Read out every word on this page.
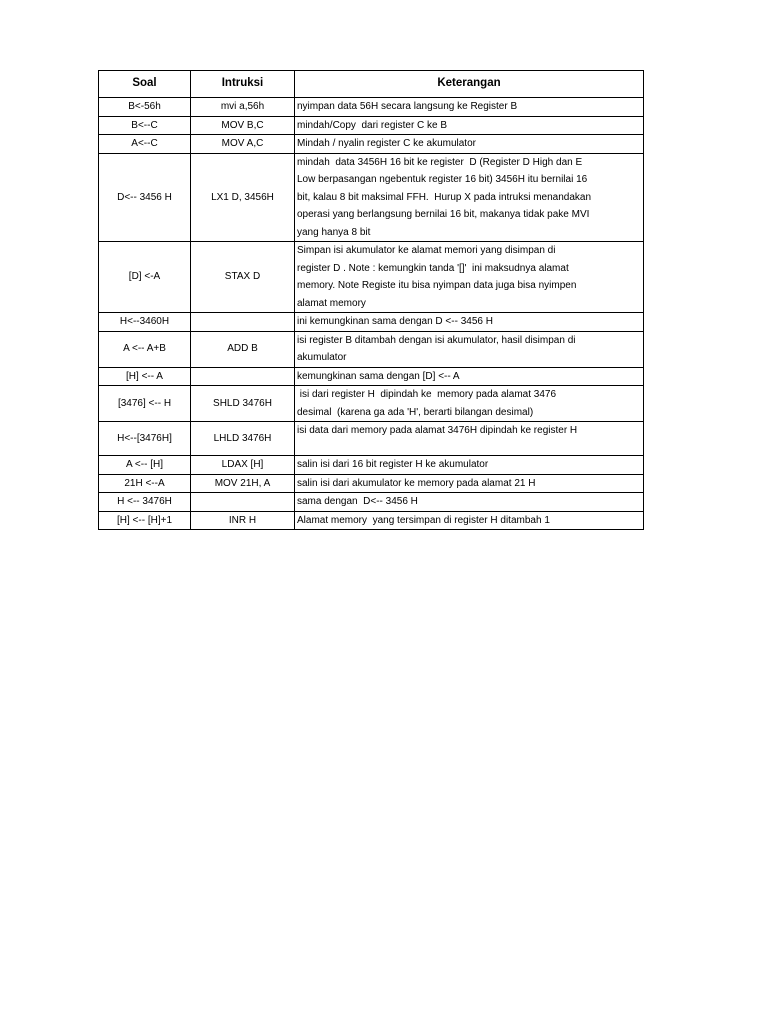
Soal	Intruksi	Keterangan
B<-56h	mvi a,56h	nyimpan data 56H secara langsung ke Register B

B<--C	MOV B,C	mindah/Copy  dari register C ke B

A<--C	MOV A,C	Mindah / nyalin register C ke akumulator

D<-- 3456 H	LX1 D, 3456H	mindah  data 3456H 16 bit ke register  D (Register D High dan E
Low berpasangan ngebentuk register 16 bit) 3456H itu bernilai 16
bit, kalau 8 bit maksimal FFH.  Hurup X pada intruksi menandakan
operasi yang berlangsung bernilai 16 bit, makanya tidak pake MVI
yang hanya 8 bit

[D] <-A	STAX D	Simpan isi akumulator ke alamat memori yang disimpan di
register D . Note : kemungkin tanda '[]'  ini maksudnya alamat
memory. Note Registe itu bisa nyimpan data juga bisa nyimpen
alamat memory

H<--3460H		ini kemungkinan sama dengan D <-- 3456 H

A <-- A+B	ADD B	isi register B ditambah dengan isi akumulator, hasil disimpan di
akumulator

[H] <-- A		kemungkinan sama dengan [D] <-- A

[3476] <-- H	SHLD 3476H	isi dari register H  dipindah ke  memory pada alamat 3476
desimal  (karena ga ada 'H', berarti bilangan desimal)

H<--[3476H]	LHLD 3476H	isi data dari memory pada alamat 3476H dipindah ke register H

A <-- [H]	LDAX [H]	salin isi dari 16 bit register H ke akumulator

21H <--A	MOV 21H, A	salin isi dari akumulator ke memory pada alamat 21 H

H <-- 3476H		sama dengan  D<-- 3456 H

[H] <-- [H]+1	INR H	Alamat memory  yang tersimpan di register H ditambah 1
